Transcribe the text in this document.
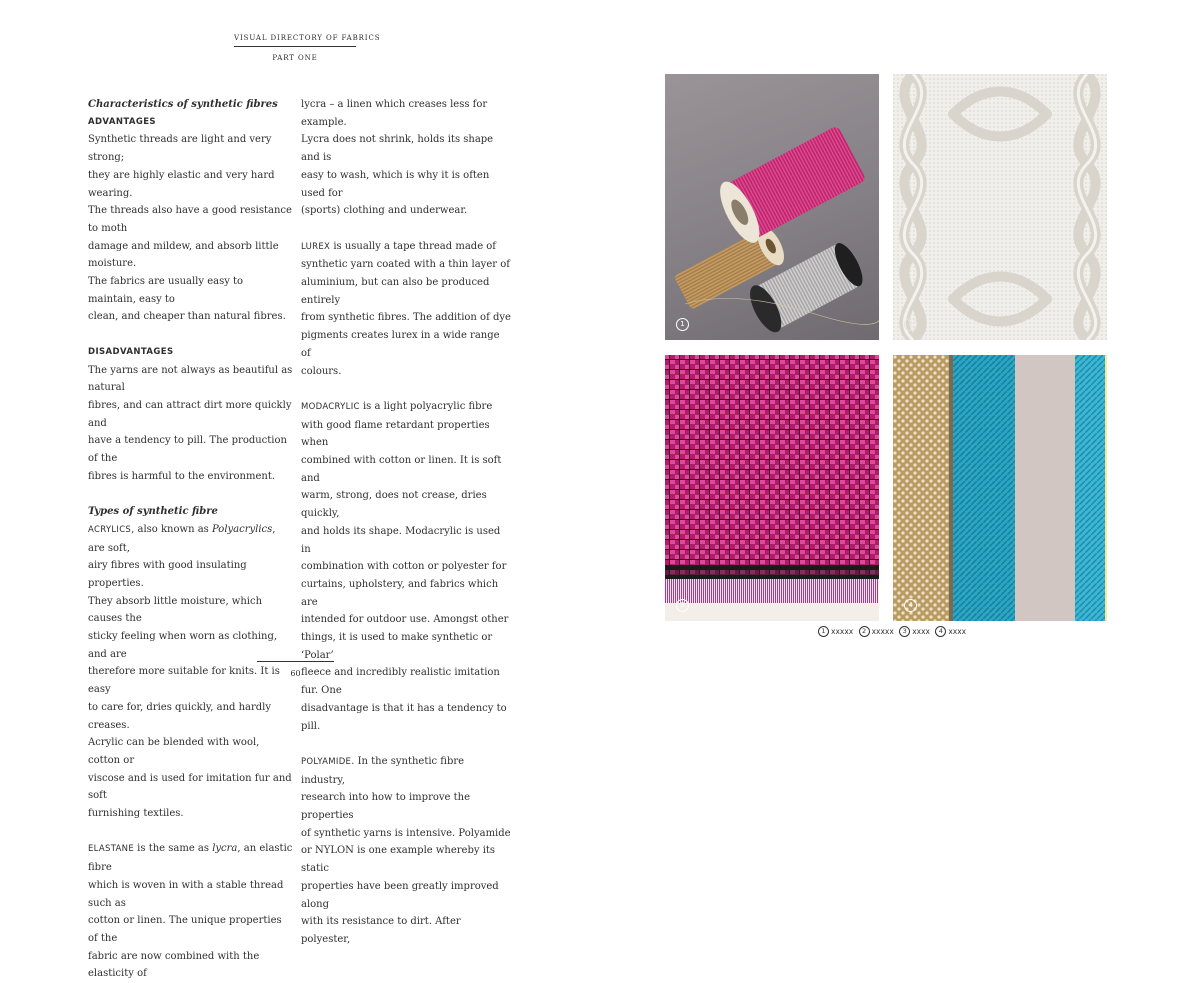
VISUAL DIRECTORY OF FABRICS
PART ONE

Characteristics of synthetic fibres

ADVANTAGES

Synthetic threads are light and very strong;

they are highly elastic and very hard wearing.

The threads also have a good resistance to moth

damage and mildew, and absorb little moisture.

The fabrics are usually easy to maintain, easy to

clean, and cheaper than natural fibres.

DISADVANTAGES

The yarns are not always as beautiful as natural

fibres, and can attract dirt more quickly and

have a tendency to pill. The production of the

fibres is harmful to the environment.

Types of synthetic fibre

ACRYLICS, also known as Polyacrylics, are soft,

airy fibres with good insulating properties.

They absorb little moisture, which causes the

sticky feeling when worn as clothing, and are

therefore more suitable for knits. It is easy

to care for, dries quickly, and hardly creases.

Acrylic can be blended with wool, cotton or

viscose and is used for imitation fur and soft

furnishing textiles.

ELASTANE is the same as lycra, an elastic fibre

which is woven in with a stable thread such as

cotton or linen. The unique properties of the

fabric are now combined with the elasticity of

lycra – a linen which creases less for example.

Lycra does not shrink, holds its shape and is

easy to wash, which is why it is often used for

(sports) clothing and underwear.

LUREX is usually a tape thread made of

synthetic yarn coated with a thin layer of

aluminium, but can also be produced entirely

from synthetic fibres. The addition of dye

pigments creates lurex in a wide range of

colours.

MODACRYLIC is a light polyacrylic fibre

with good flame retardant properties when

combined with cotton or linen. It is soft and

warm, strong, does not crease, dries quickly,

and holds its shape. Modacrylic is used in

combination with cotton or polyester for

curtains, upholstery, and fabrics which are

intended for outdoor use. Amongst other

things, it is used to make synthetic or ‘Polar’

fleece and incredibly realistic imitation fur. One

disadvantage is that it has a tendency to pill.

POLYAMIDE. In the synthetic fibre industry,

research into how to improve the properties

of synthetic yarns is intensive. Polyamide

or NYLON is one example whereby its static

properties have been greatly improved along

with its resistance to dirt. After polyester,

60
1	2
3	4
1 xxxxx 2 xxxxx 3 xxxx 4 xxxx
